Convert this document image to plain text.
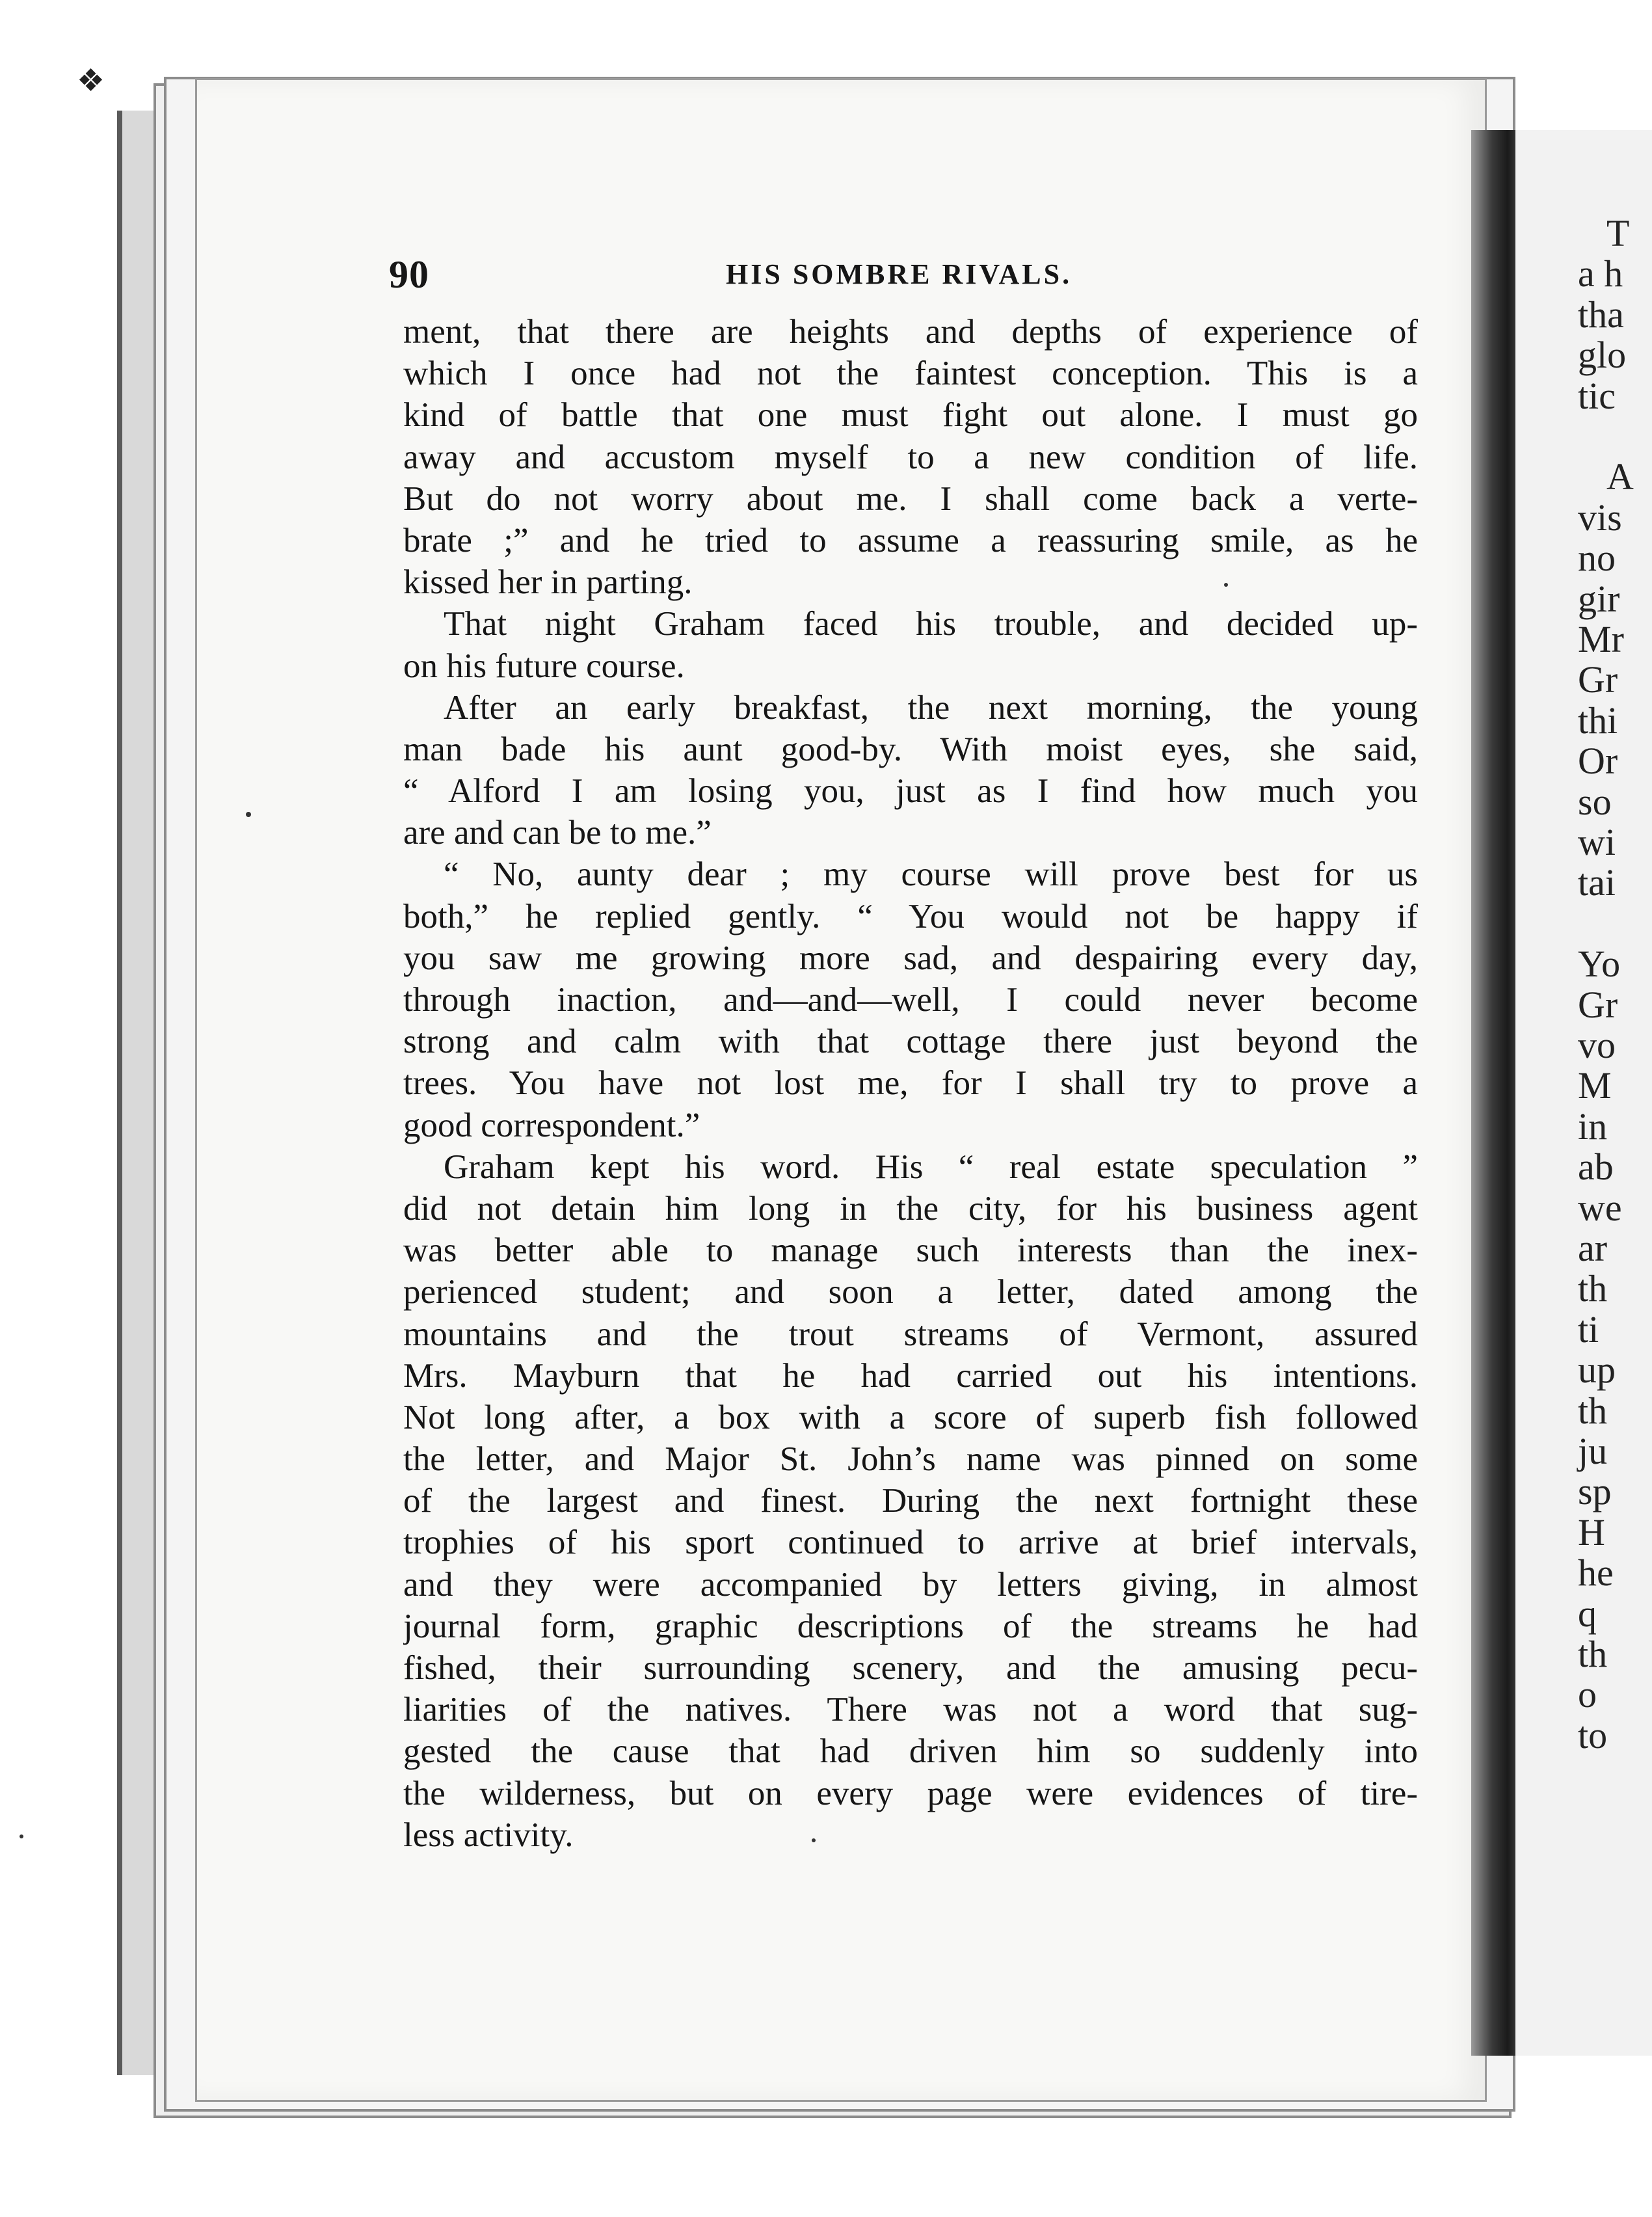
T
a h
tha
glo
tic
A
vis
no
gir
Mr
Gr
thi
Or
so
wi
tai
Yo
Gr
vo
M
in
ab
we
ar
th
ti
up
th
ju
sp
H
he
q
th
o
to
❖
90	HIS SOMBRE RIVALS.
ment, that there are heights and depths of experience of
which I once had not the faintest conception. This is a
kind of battle that one must fight out alone. I must go
away and accustom myself to a new condition of life.
But do not worry about me. I shall come back a verte-
brate ;” and he tried to assume a reassuring smile, as he
kissed her in parting.
That night Graham faced his trouble, and decided up-
on his future course.
After an early breakfast, the next morning, the young
man bade his aunt good-by. With moist eyes, she said,
“ Alford I am losing you, just as I find how much you
are and can be to me.”
“ No, aunty dear ; my course will prove best for us
both,” he replied gently. “ You would not be happy if
you saw me growing more sad, and despairing every day,
through inaction, and—and—well, I could never become
strong and calm with that cottage there just beyond the
trees. You have not lost me, for I shall try to prove a
good correspondent.”
Graham kept his word. His “ real estate speculation ”
did not detain him long in the city, for his business agent
was better able to manage such interests than the inex-
perienced student; and soon a letter, dated among the
mountains and the trout streams of Vermont, assured
Mrs. Mayburn that he had carried out his intentions.
Not long after, a box with a score of superb fish followed
the letter, and Major St. John’s name was pinned on some
of the largest and finest. During the next fortnight these
trophies of his sport continued to arrive at brief intervals,
and they were accompanied by letters giving, in almost
journal form, graphic descriptions of the streams he had
fished, their surrounding scenery, and the amusing pecu-
liarities of the natives. There was not a word that sug-
gested the cause that had driven him so suddenly into
the wilderness, but on every page were evidences of tire-
less activity.
